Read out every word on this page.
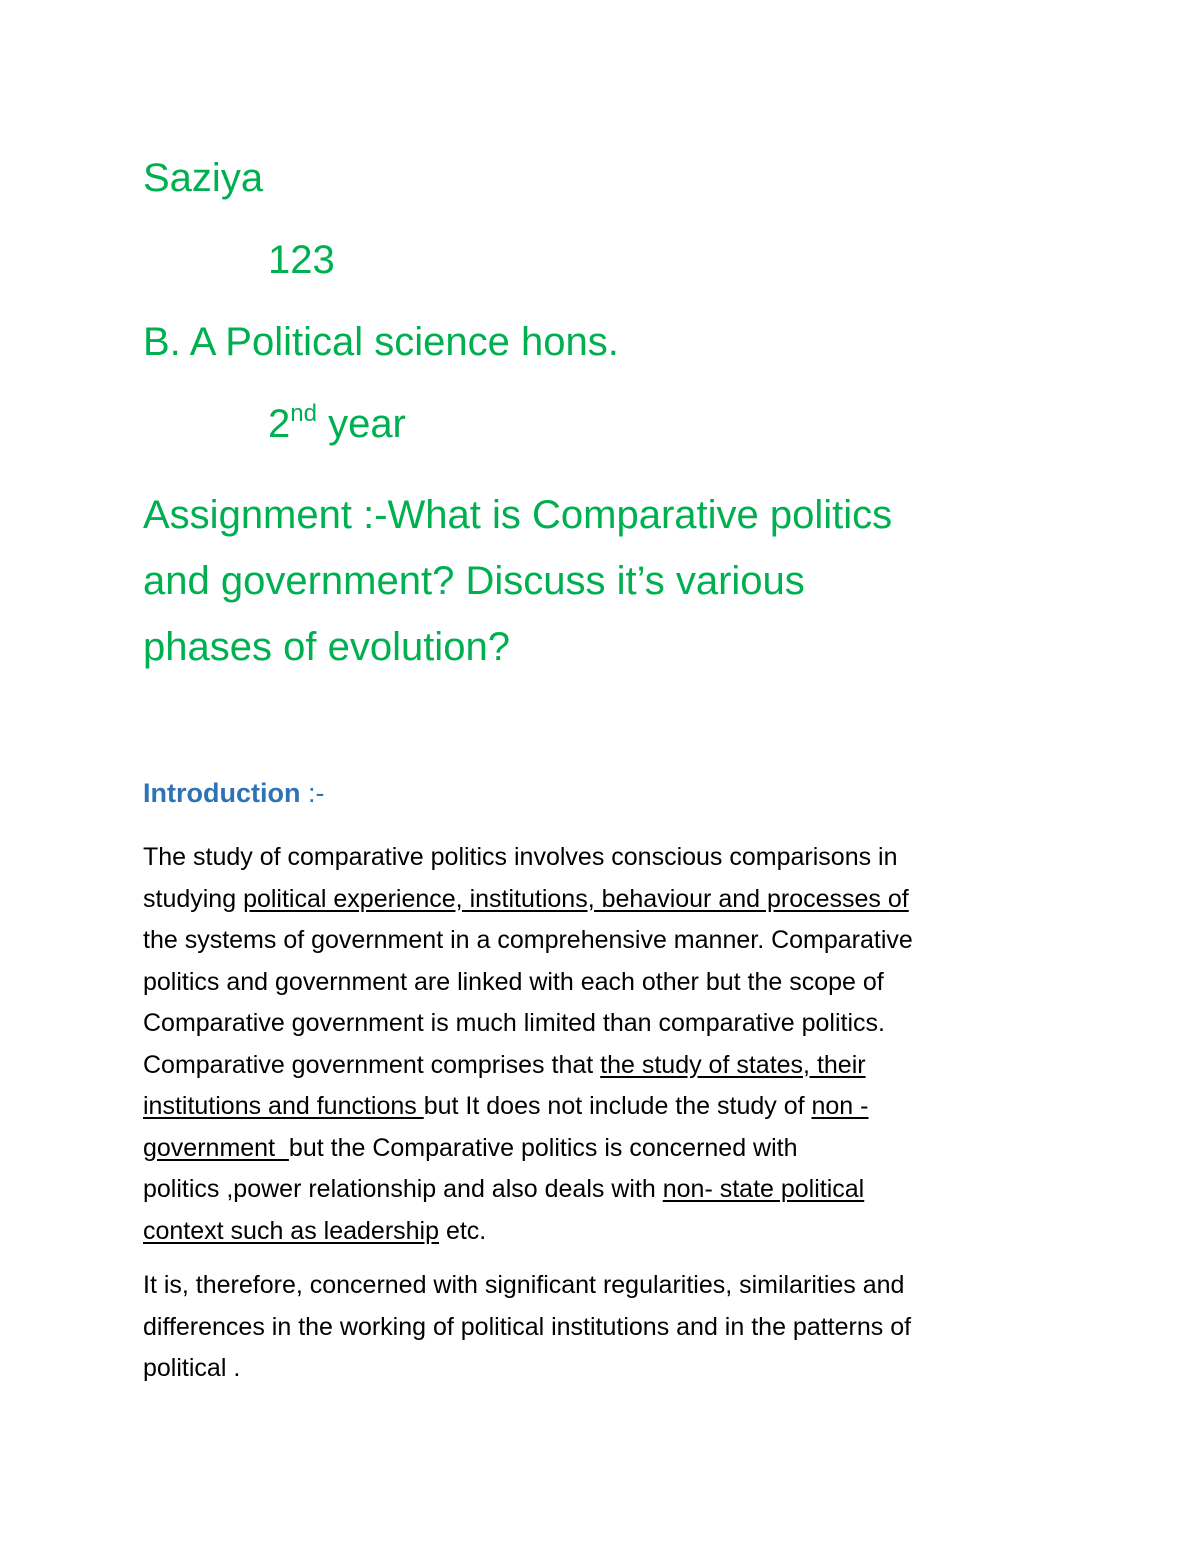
Saziya
123
B. A Political science hons.
2nd year
Assignment :-What is Comparative politics
and government? Discuss it’s various
phases of evolution?
Introduction :-
The study of comparative politics involves conscious comparisons in
studying political experience, institutions, behaviour and processes of
the systems of government in a comprehensive manner. Comparative
politics and government are linked with each other but the scope of
Comparative government is much limited than comparative politics.
Comparative government comprises that the study of states, their
institutions and functions but It does not include the study of non -
government  but the Comparative politics is concerned with
politics ,power relationship and also deals with non- state political
context such as leadership etc.
It is, therefore, concerned with significant regularities, similarities and
differences in the working of political institutions and in the patterns of
political .
